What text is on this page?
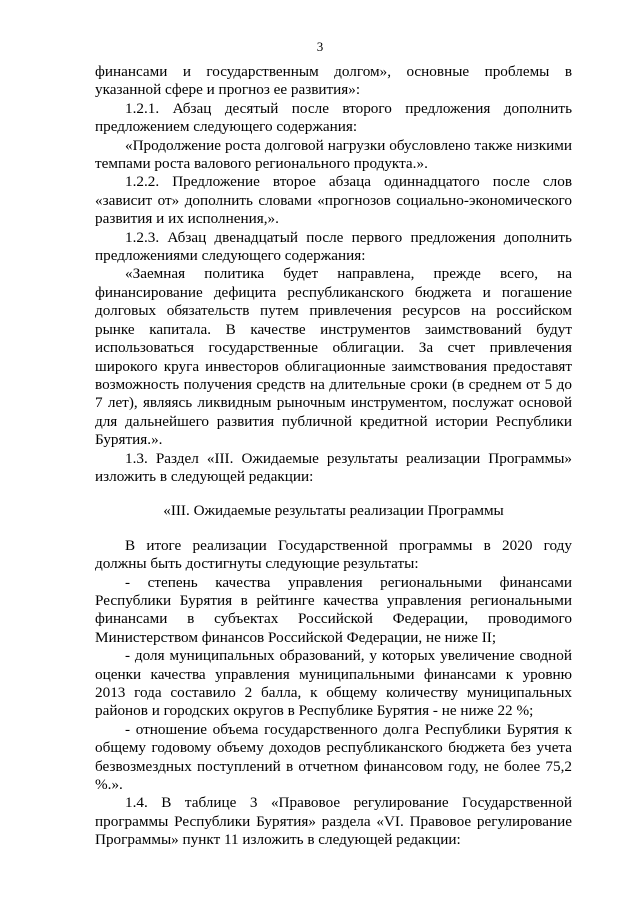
3

финансами и государственным долгом», основные проблемы в указанной сфере и прогноз ее развития»:

1.2.1. Абзац десятый после второго предложения дополнить предложением следующего содержания:

«Продолжение роста долговой нагрузки обусловлено также низкими темпами роста валового регионального продукта.».

1.2.2. Предложение второе абзаца одиннадцатого после слов «зависит от» дополнить словами «прогнозов социально-экономического развития и их исполнения,».

1.2.3. Абзац двенадцатый после первого предложения дополнить предложениями следующего содержания:

«Заемная политика будет направлена, прежде всего, на финансирование дефицита республиканского бюджета и погашение долговых обязательств путем привлечения ресурсов на российском рынке капитала. В качестве инструментов заимствований будут использоваться государственные облигации. За счет привлечения широкого круга инвесторов облигационные заимствования предоставят возможность получения средств на длительные сроки (в среднем от 5 до 7 лет), являясь ликвидным рыночным инструментом, послужат основой для дальнейшего развития публичной кредитной истории Республики Бурятия.».

1.3. Раздел «III. Ожидаемые результаты реализации Программы» изложить в следующей редакции:

«III. Ожидаемые результаты реализации Программы

В итоге реализации Государственной программы в 2020 году должны быть достигнуты следующие результаты:

- степень качества управления региональными финансами Республики Бурятия в рейтинге качества управления региональными финансами в субъектах Российской Федерации, проводимого Министерством финансов Российской Федерации, не ниже II;

- доля муниципальных образований, у которых увеличение сводной оценки качества управления муниципальными финансами к уровню 2013 года составило 2 балла, к общему количеству муниципальных районов и городских округов в Республике Бурятия - не ниже 22 %;

- отношение объема государственного долга Республики Бурятия к общему годовому объему доходов республиканского бюджета без учета безвозмездных поступлений в отчетном финансовом году, не более 75,2 %.».

1.4. В таблице 3 «Правовое регулирование Государственной программы Республики Бурятия» раздела «VI. Правовое регулирование Программы» пункт 11 изложить в следующей редакции:
